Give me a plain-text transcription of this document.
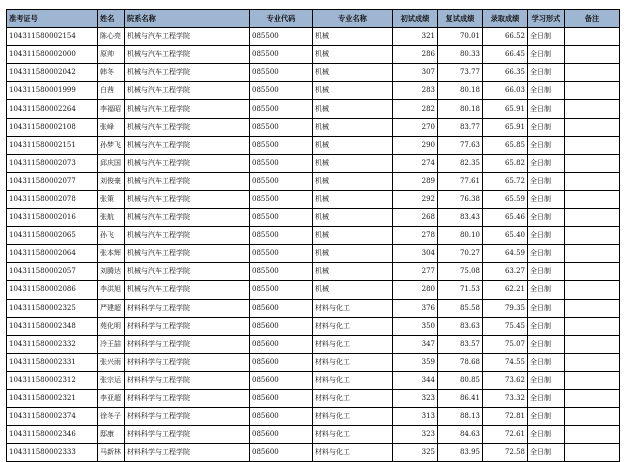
准考证号	姓名	院系名称	专业代码	专业名称	初试成绩	复试成绩	录取成绩	学习形式	备注
104311580002154	陈心亮	机械与汽车工程学院	085500	机械	321	70.01	66.52	全日制	
104311580002000	原帅	机械与汽车工程学院	085500	机械	286	80.33	66.45	全日制	
104311580002042	韩冬	机械与汽车工程学院	085500	机械	307	73.77	66.35	全日制	
104311580001999	白茜	机械与汽车工程学院	085500	机械	283	80.18	66.03	全日制	
104311580002264	李福昭	机械与汽车工程学院	085500	机械	282	80.18	65.91	全日制	
104311580002108	张峰	机械与汽车工程学院	085500	机械	270	83.77	65.91	全日制	
104311580002151	孙梦飞	机械与汽车工程学院	085500	机械	290	77.63	65.85	全日制	
104311580002073	邱庆国	机械与汽车工程学院	085500	机械	274	82.35	65.82	全日制	
104311580002077	刘俊豪	机械与汽车工程学院	085500	机械	289	77.61	65.72	全日制	
104311580002078	张策	机械与汽车工程学院	085500	机械	292	76.38	65.59	全日制	
104311580002016	张航	机械与汽车工程学院	085500	机械	268	83.43	65.46	全日制	
104311580002065	孙飞	机械与汽车工程学院	085500	机械	278	80.10	65.40	全日制	
104311580002064	张本辉	机械与汽车工程学院	085500	机械	304	70.27	64.59	全日制	
104311580002057	刘腾达	机械与汽车工程学院	085500	机械	277	75.08	63.27	全日制	
104311580002086	李洪旭	机械与汽车工程学院	085500	机械	280	71.53	62.21	全日制	
104311580002325	严建超	材料科学与工程学院	085600	材料与化工	376	85.58	79.35	全日制	
104311580002348	苑化明	材料科学与工程学院	085600	材料与化工	350	83.63	75.45	全日制	
104311580002332	冷王喆	材料科学与工程学院	085600	材料与化工	347	83.57	75.07	全日制	
104311580002331	张兴雨	材料科学与工程学院	085600	材料与化工	359	78.68	74.55	全日制	
104311580002312	张宗运	材料科学与工程学院	085600	材料与化工	344	80.85	73.62	全日制	
104311580002321	李亚超	材料科学与工程学院	085600	材料与化工	323	86.41	73.32	全日制	
104311580002374	徐冬子	材料科学与工程学院	085600	材料与化工	313	88.13	72.81	全日制	
104311580002346	邸康	材料科学与工程学院	085600	材料与化工	323	84.63	72.61	全日制	
104311580002333	马新林	材料科学与工程学院	085600	材料与化工	325	83.95	72.58	全日制	
